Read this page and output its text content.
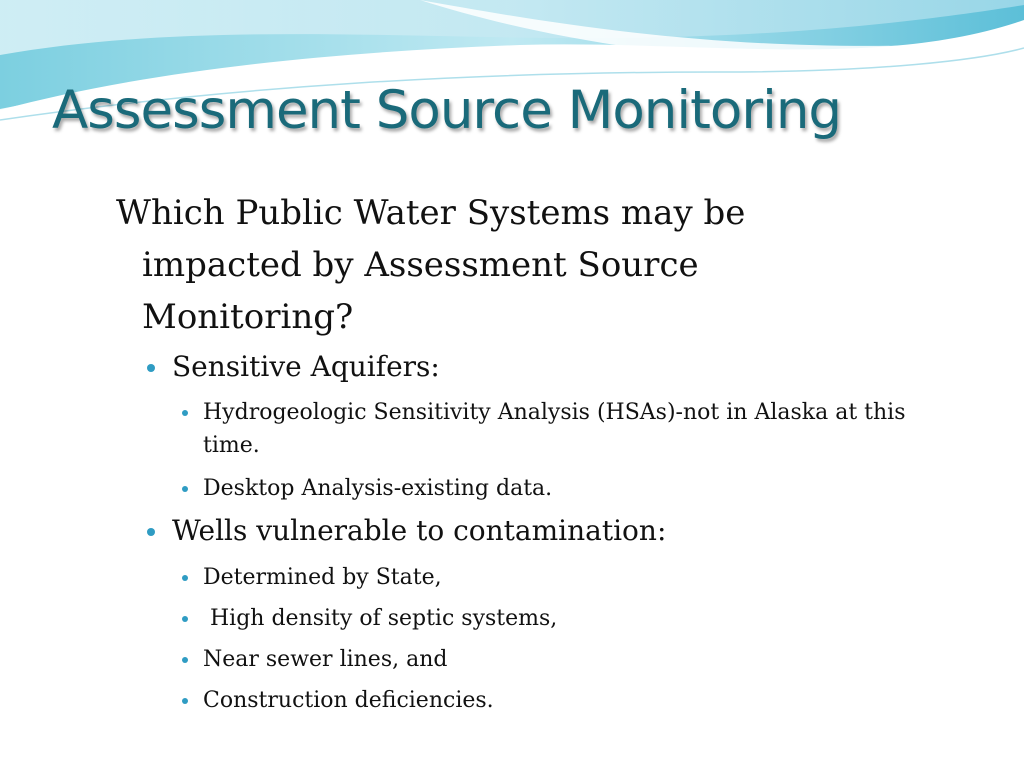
Assessment Source Monitoring

Which Public Water Systems may be
impacted by Assessment Source Monitoring?

Sensitive Aquifers:

Hydrogeologic Sensitivity Analysis (HSAs)-not in Alaska at this time.

Desktop Analysis-existing data.

Wells vulnerable to contamination:

Determined by State,

High density of septic systems,

Near sewer lines, and

Construction deficiencies.
